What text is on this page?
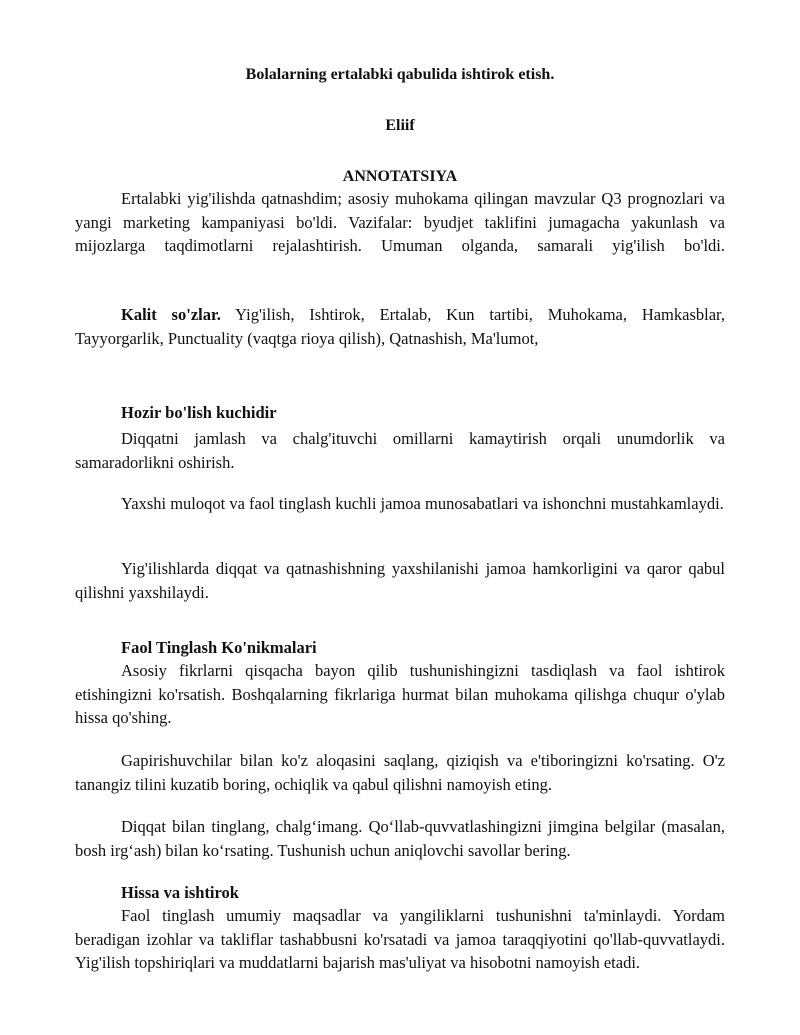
Bolalarning ertalabki qabulida ishtirok etish.

Eliif

ANNOTATSIYA

Ertalabki yig'ilishda qatnashdim; asosiy muhokama qilingan mavzular Q3 prognozlari va yangi marketing kampaniyasi bo'ldi. Vazifalar: byudjet taklifini jumagacha yakunlash va mijozlarga taqdimotlarni rejalashtirish. Umuman olganda, samarali yig'ilish bo'ldi.

Kalit so'zlar. Yig'ilish, Ishtirok, Ertalab, Kun tartibi, Muhokama, Hamkasblar, Tayyorgarlik, Punctuality (vaqtga rioya qilish), Qatnashish, Ma'lumot,

Hozir bo'lish kuchidir

Diqqatni jamlash va chalg'ituvchi omillarni kamaytirish orqali unumdorlik va samaradorlikni oshirish.

Yaxshi muloqot va faol tinglash kuchli jamoa munosabatlari va ishonchni mustahkamlaydi.

Yig'ilishlarda diqqat va qatnashishning yaxshilanishi jamoa hamkorligini va qaror qabul qilishni yaxshilaydi.

Faol Tinglash Ko'nikmalari

Asosiy fikrlarni qisqacha bayon qilib tushunishingizni tasdiqlash va faol ishtirok etishingizni ko'rsatish. Boshqalarning fikrlariga hurmat bilan muhokama qilishga chuqur o'ylab hissa qo'shing.

Gapirishuvchilar bilan ko'z aloqasini saqlang, qiziqish va e'tiboringizni ko'rsating. O'z tanangiz tilini kuzatib boring, ochiqlik va qabul qilishni namoyish eting.

Diqqat bilan tinglang, chalg‘imang. Qo‘llab-quvvatlashingizni jimgina belgilar (masalan, bosh irg‘ash) bilan ko‘rsating. Tushunish uchun aniqlovchi savollar bering.

Hissa va ishtirok

Faol tinglash umumiy maqsadlar va yangiliklarni tushunishni ta'minlaydi. Yordam beradigan izohlar va takliflar tashabbusni ko'rsatadi va jamoa taraqqiyotini qo'llab-quvvatlaydi. Yig'ilish topshiriqlari va muddatlarni bajarish mas'uliyat va hisobotni namoyish etadi.
